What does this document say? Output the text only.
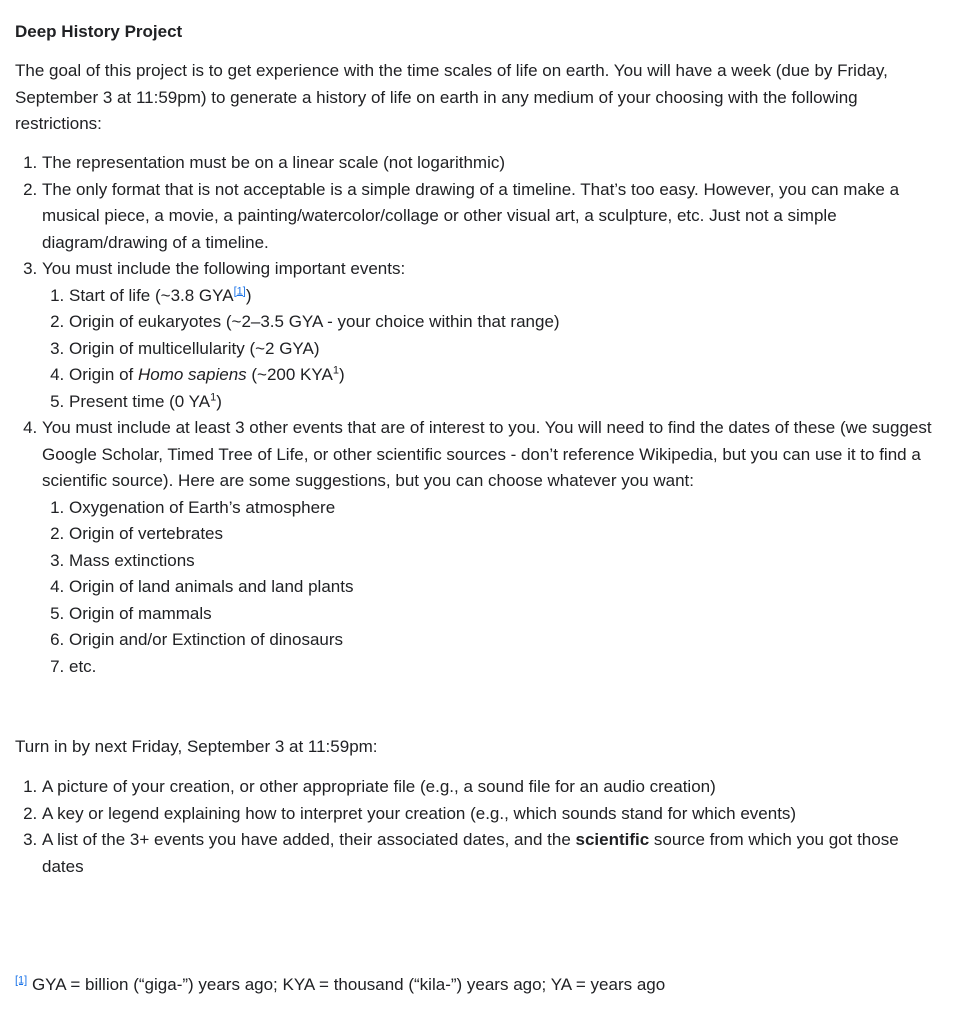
Deep History Project

The goal of this project is to get experience with the time scales of life on earth. You will have a week (due by Friday, September 3 at 11:59pm) to generate a history of life on earth in any medium of your choosing with the following restrictions:

1. The representation must be on a linear scale (not logarithmic)
2. The only format that is not acceptable is a simple drawing of a timeline. That’s too easy. However, you can make a musical piece, a movie, a painting/watercolor/collage or other visual art, a sculpture, etc. Just not a simple diagram/drawing of a timeline.
3. You must include the following important events:
1. Start of life (~3.8 GYA[1])
2. Origin of eukaryotes (~2–3.5 GYA - your choice within that range)
3. Origin of multicellularity (~2 GYA)
4. Origin of Homo sapiens (~200 KYA$^1$)
5. Present time (0 $YA^1$)
4. You must include at least 3 other events that are of interest to you. You will need to find the dates of these (we suggest Google Scholar, Timed Tree of Life, or other scientific sources - don’t reference Wikipedia, but you can use it to find a scientific source). Here are some suggestions, but you can choose whatever you want:
1. Oxygenation of Earth’s atmosphere
2. Origin of vertebrates
3. Mass extinctions
4. Origin of land animals and land plants
5. Origin of mammals
6. Origin and/or Extinction of dinosaurs
7. etc.
Turn in by next Friday, September 3 at 11:59pm:
1. A picture of your creation, or other appropriate file (e.g., a sound file for an audio creation)
2. A key or legend explaining how to interpret your creation (e.g., which sounds stand for which events)
3. A list of the 3+ events you have added, their associated dates, and the scientific source from which you got those dates
[1] GYA = billion (“giga-”) years ago; KYA = thousand (“kila-”) years ago; YA = years ago
